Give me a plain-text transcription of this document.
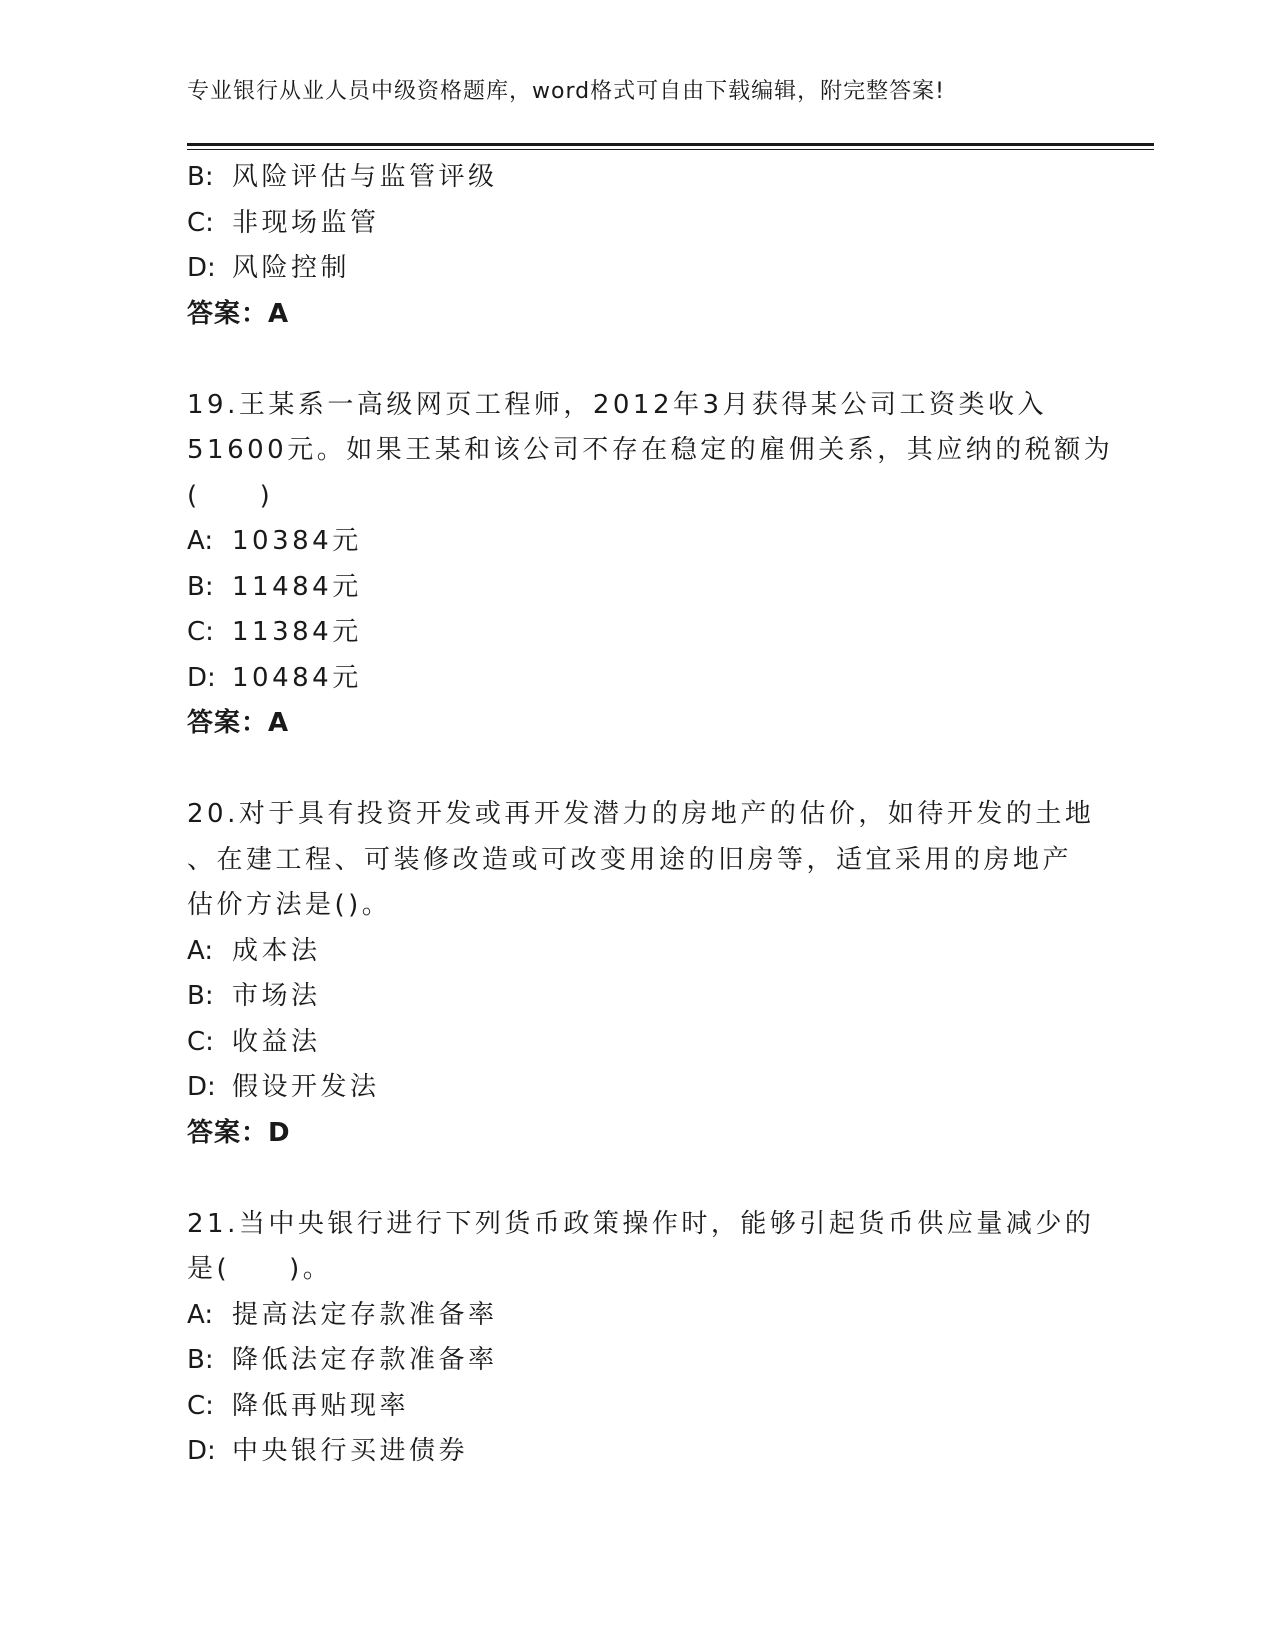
专业银行从业人员中级资格题库，word格式可自由下载编辑，附完整答案!

B: 风险评估与监管评级

C: 非现场监管

D: 风险控制

答案：A

19.王某系一高级网页工程师，2012年3月获得某公司工资类收入

51600元。如果王某和该公司不存在稳定的雇佣关系，其应纳的税额为

(　　)

A: 10384元

B: 11484元

C: 11384元

D: 10484元

答案：A

20.对于具有投资开发或再开发潜力的房地产的估价，如待开发的土地

、在建工程、可装修改造或可改变用途的旧房等，适宜采用的房地产

估价方法是()。

A: 成本法

B: 市场法

C: 收益法

D: 假设开发法

答案：D

21.当中央银行进行下列货币政策操作时，能够引起货币供应量减少的

是(　　)。

A: 提高法定存款准备率

B: 降低法定存款准备率

C: 降低再贴现率

D: 中央银行买进债券
